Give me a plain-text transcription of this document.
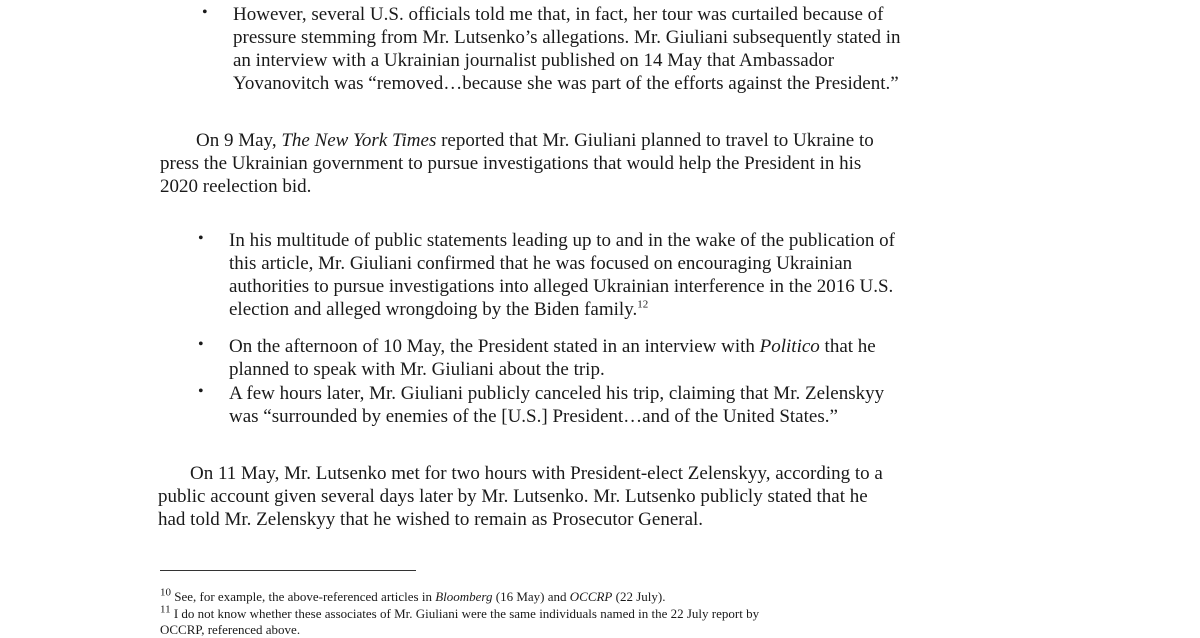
• However, several U.S. officials told me that, in fact, her tour was curtailed because of
pressure stemming from Mr. Lutsenko’s allegations. Mr. Giuliani subsequently stated in
an interview with a Ukrainian journalist published on 14 May that Ambassador
Yovanovitch was “removed…because she was part of the efforts against the President.”
On 9 May, The New York Times reported that Mr. Giuliani planned to travel to Ukraine to
press the Ukrainian government to pursue investigations that would help the President in his
2020 reelection bid.
• In his multitude of public statements leading up to and in the wake of the publication of
this article, Mr. Giuliani confirmed that he was focused on encouraging Ukrainian
authorities to pursue investigations into alleged Ukrainian interference in the 2016 U.S.
election and alleged wrongdoing by the Biden family.$^{12}$
• On the afternoon of 10 May, the President stated in an interview with Politico that he
planned to speak with Mr. Giuliani about the trip.
• A few hours later, Mr. Giuliani publicly canceled his trip, claiming that Mr. Zelenskyy
was “surrounded by enemies of the [U.S.] President…and of the United States.”
On 11 May, Mr. Lutsenko met for two hours with President-elect Zelenskyy, according to a
public account given several days later by Mr. Lutsenko. Mr. Lutsenko publicly stated that he
had told Mr. Zelenskyy that he wished to remain as Prosecutor General.
$^{10}$ See, for example, the above-referenced articles in Bloomberg (16 May) and OCCRP (22 July).
$^{11}$ I do not know whether these associates of Mr. Giuliani were the same individuals named in the 22 July report by
OCCRP, referenced above.
